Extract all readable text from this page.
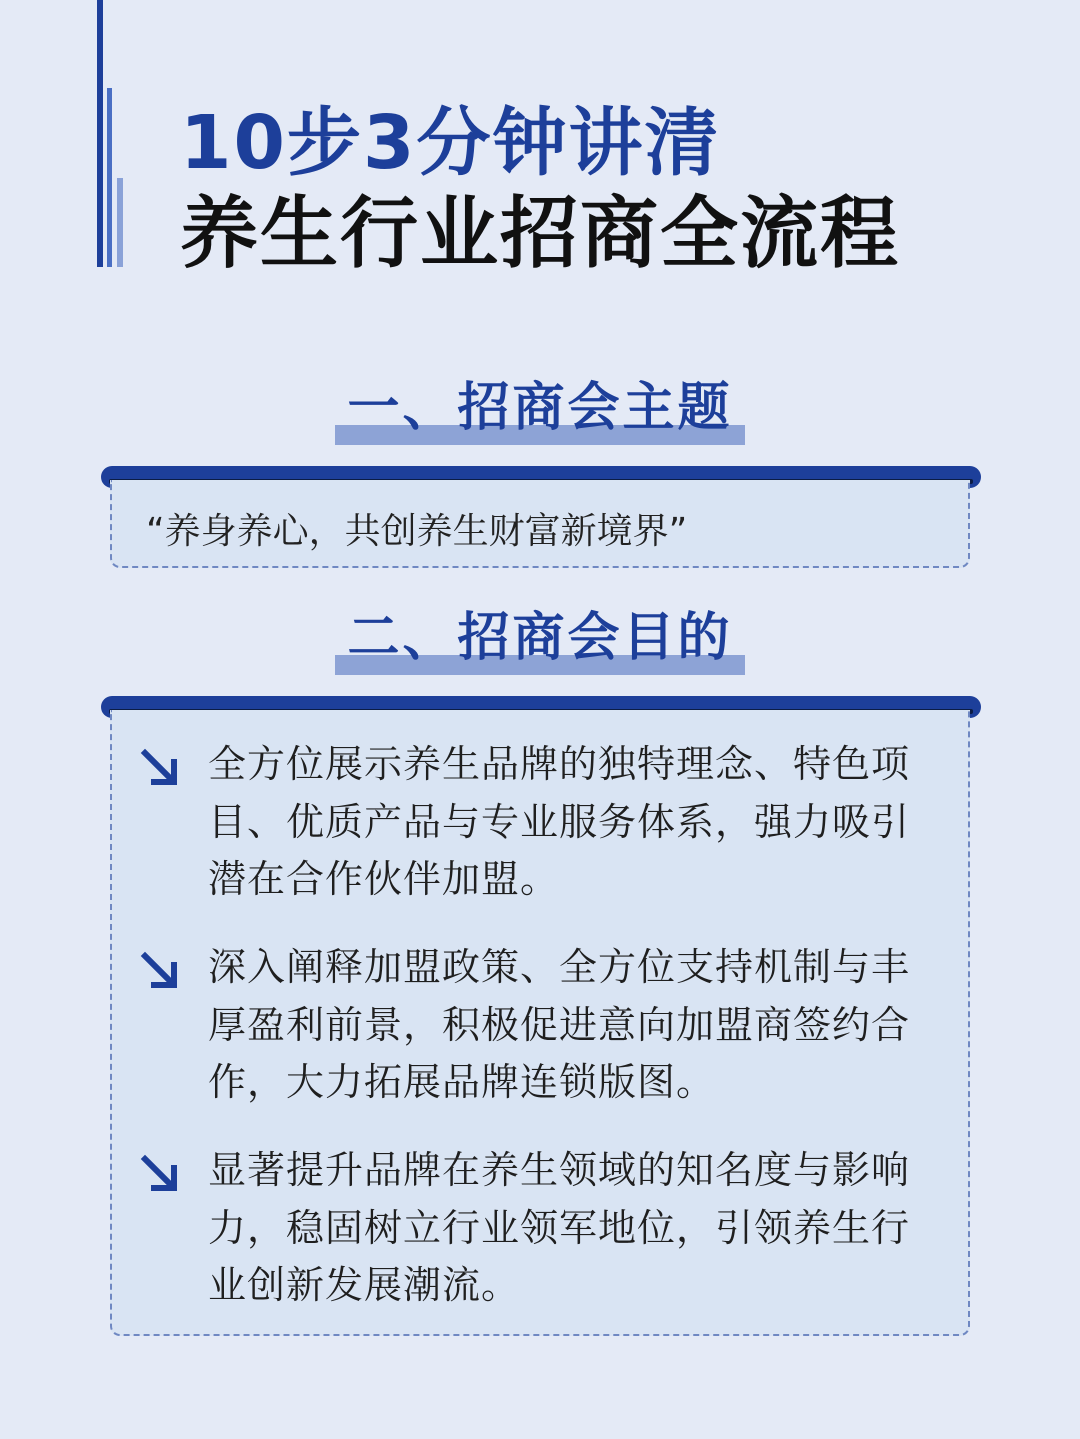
10步3分钟讲清
养生行业招商全流程
一、招商会主题
“养身养心，共创养生财富新境界”
二、招商会目的
全方位展示养生品牌的独特理念、特色项目、优质产品与专业服务体系，强力吸引潜在合作伙伴加盟。
深入阐释加盟政策、全方位支持机制与丰厚盈利前景，积极促进意向加盟商签约合作，大力拓展品牌连锁版图。
显著提升品牌在养生领域的知名度与影响力，稳固树立行业领军地位，引领养生行业创新发展潮流。
